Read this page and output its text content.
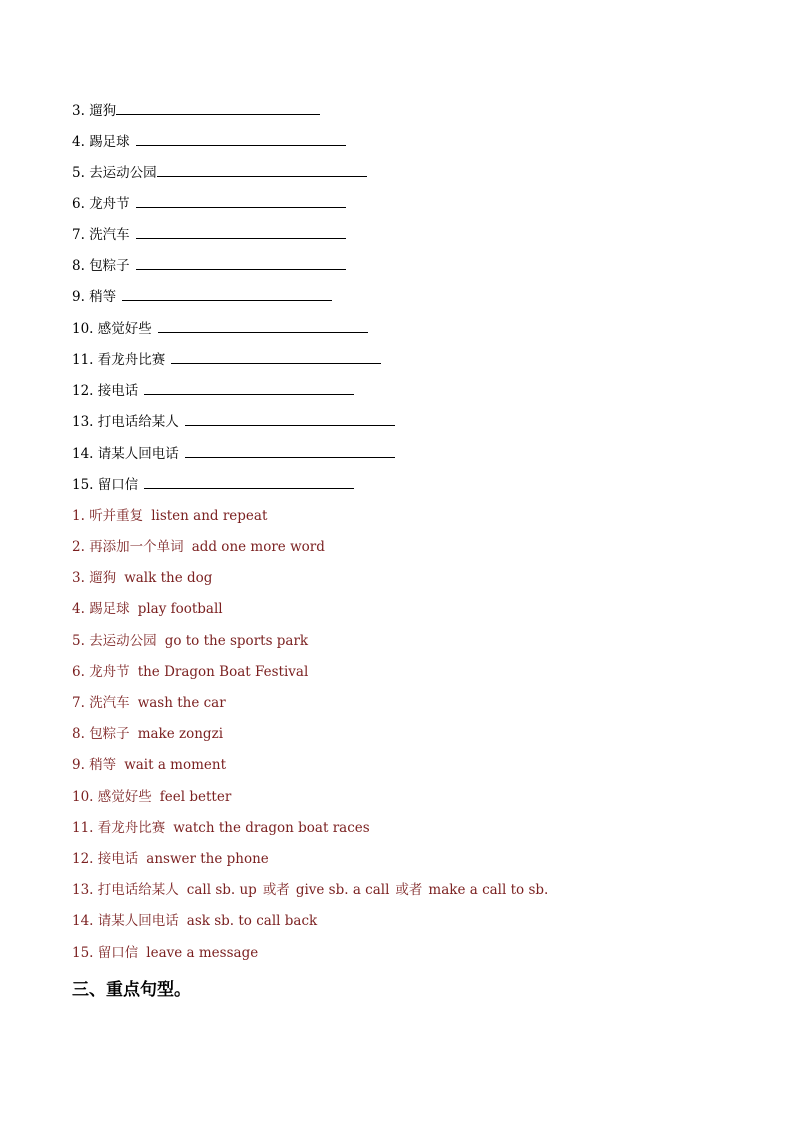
3. 遛狗
4. 踢足球
5. 去运动公园
6. 龙舟节
7. 洗汽车
8. 包粽子
9. 稍等
10. 感觉好些
11. 看龙舟比赛
12. 接电话
13. 打电话给某人
14. 请某人回电话
15. 留口信
1. 听并重复 listen and repeat
2. 再添加一个单词 add one more word
3. 遛狗 walk the dog
4. 踢足球 play football
5. 去运动公园 go to the sports park
6. 龙舟节 the Dragon Boat Festival
7. 洗汽车 wash the car
8. 包粽子 make zongzi
9. 稍等 wait a moment
10. 感觉好些 feel better
11. 看龙舟比赛 watch the dragon boat races
12. 接电话 answer the phone
13. 打电话给某人 call sb. up 或者 give sb. a call 或者 make a call to sb.
14. 请某人回电话 ask sb. to call back
15. 留口信 leave a message
三、重点句型。
